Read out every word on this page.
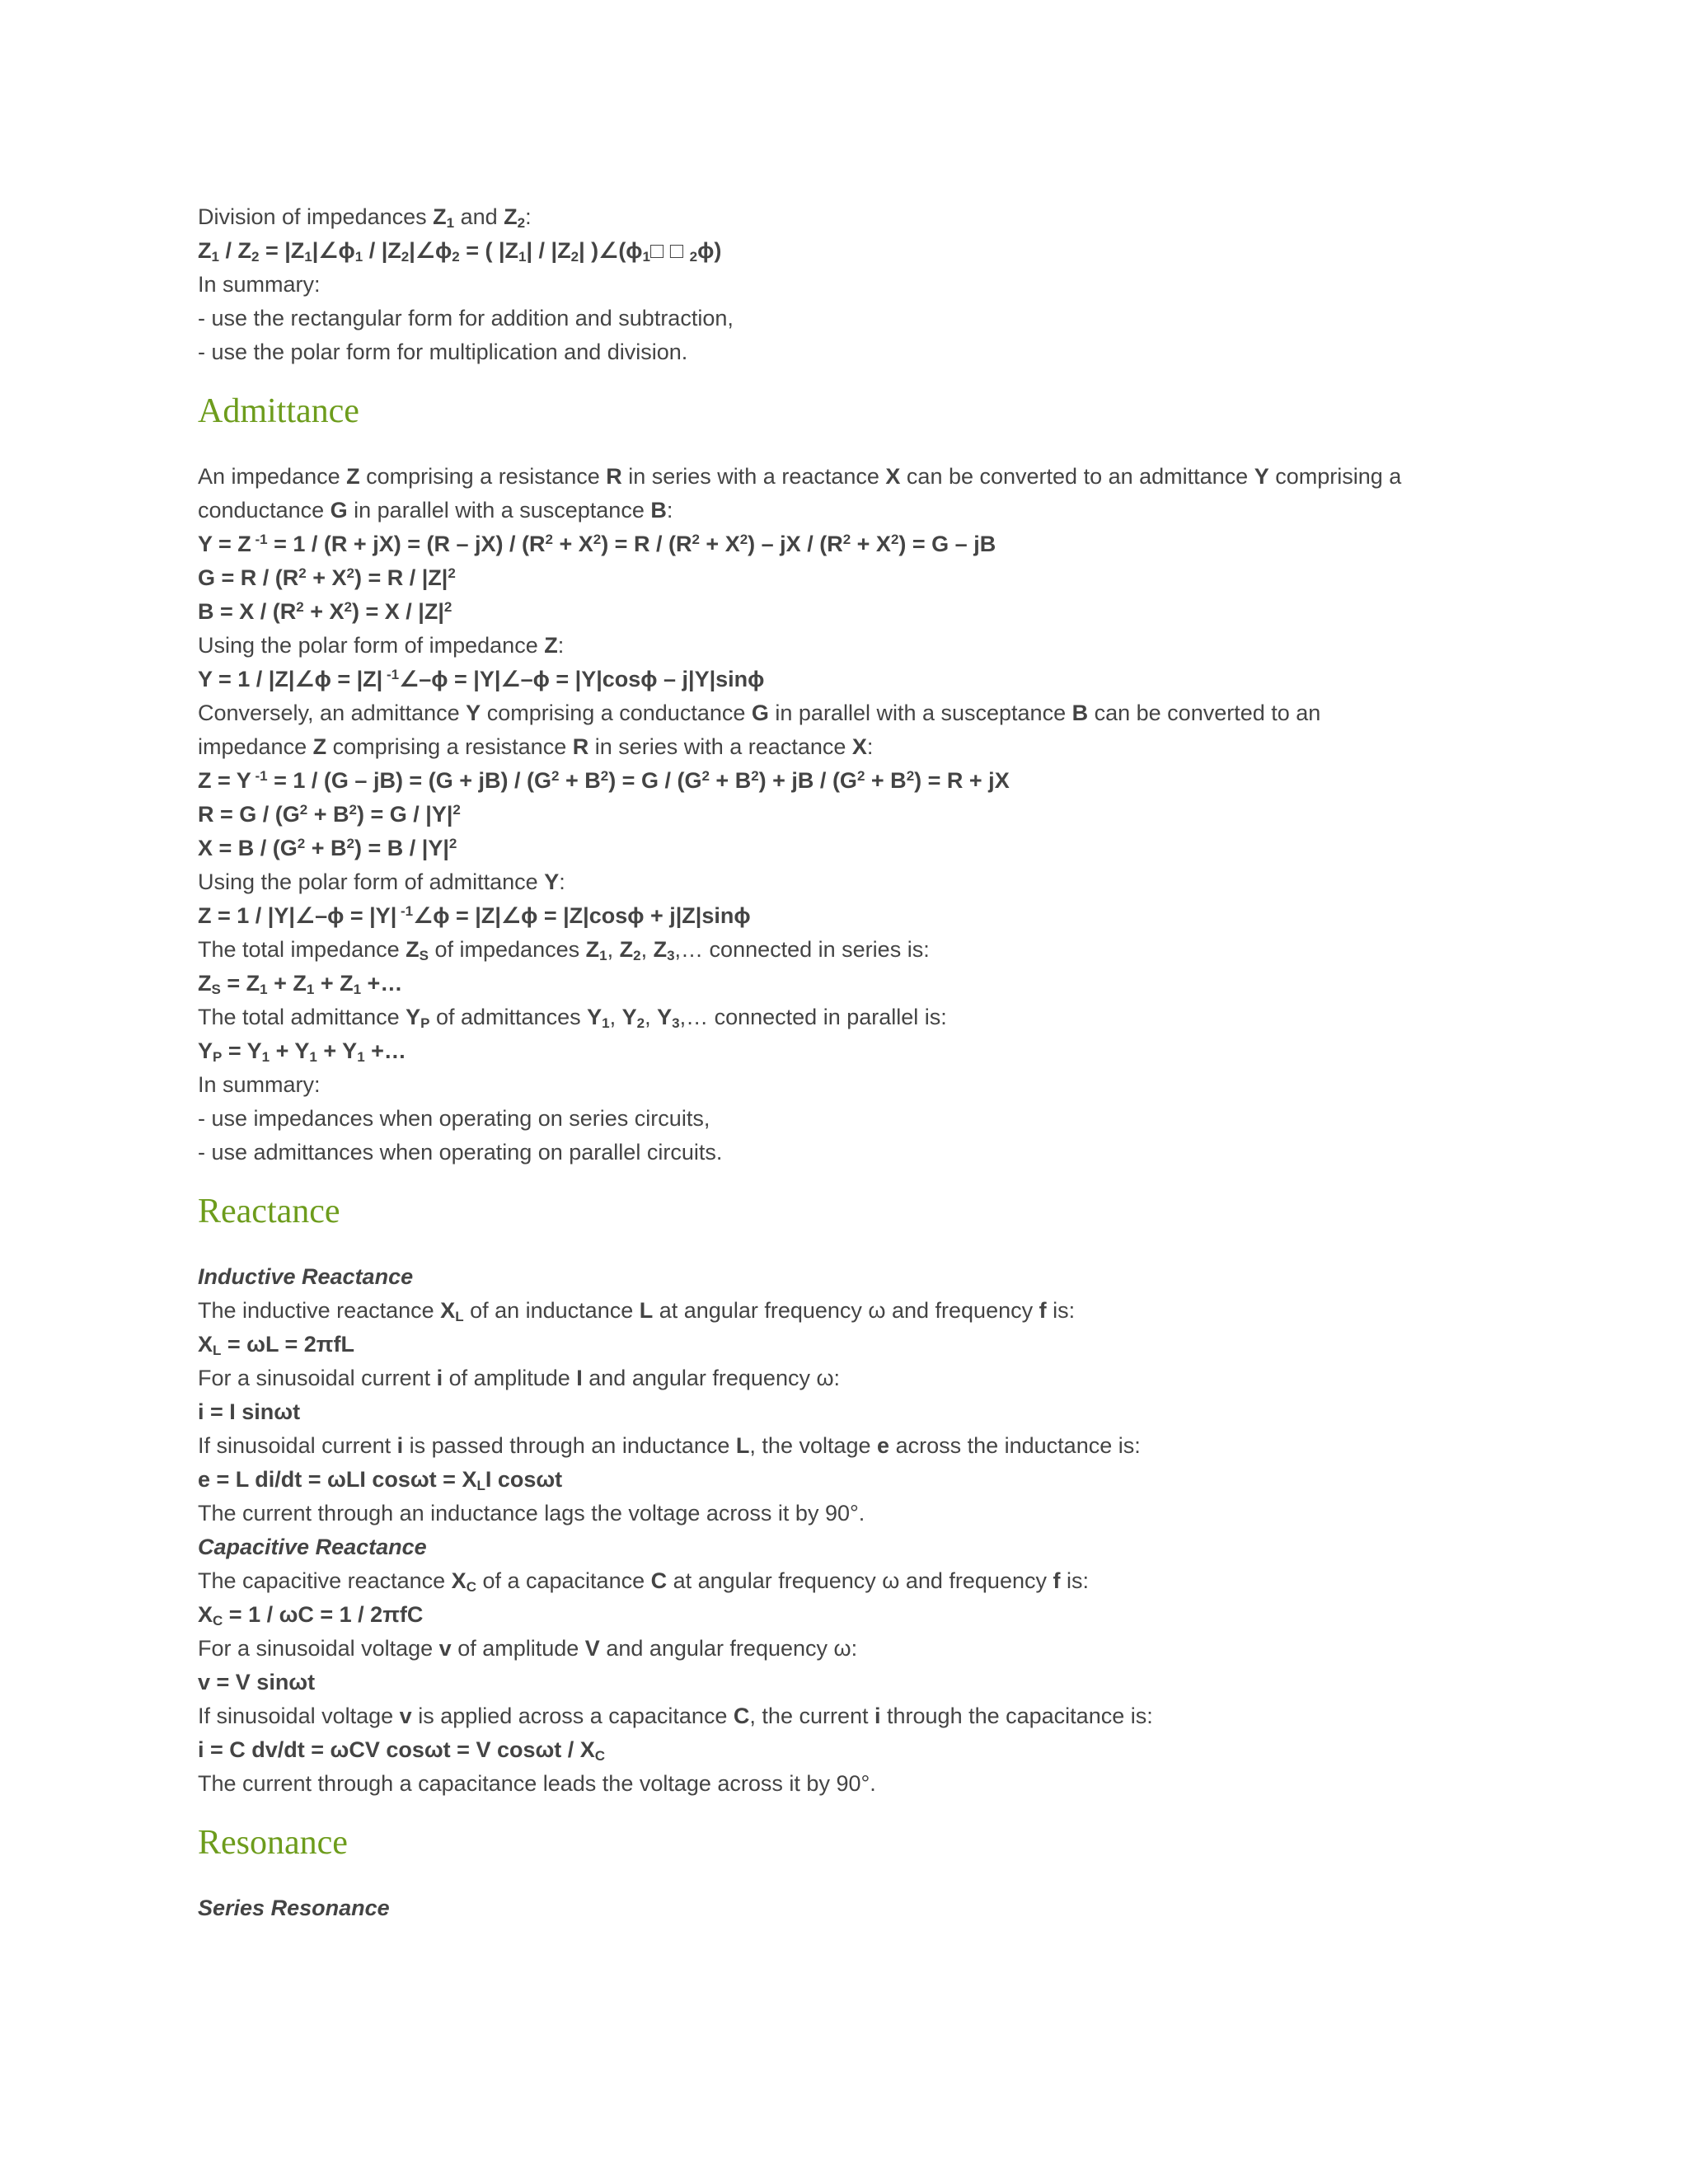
Division of impedances $Z_1$ and $Z_2$:
$Z_1 / Z_2$ = $|Z_1|\angle\phi_1$ / $|Z_2|\angle\phi_2$ = ( $|Z_1| / |Z_2|$ )$\angle(\phi_1□$ □ $_2$ϕ)
In summary:
- use the rectangular form for addition and subtraction,
- use the polar form for multiplication and division.
Admittance
An impedance Z comprising a resistance R in series with a reactance X can be converted to an admittance Y comprising a
conductance G in parallel with a susceptance B:
Y = Z $^{-1} = 1 / (R + jX) = (R - jX) / (R^2 + X^2) = R / (R^2 + X^2)$ – jX / $(R^2 + X^2) = G$ – jB
$G = R / (R^2 + X^2) = R / |Z|^2$
$B = X / (R^2 + X^2) = X / |Z|^2$
Using the polar form of impedance Z:
Y = 1 / |Z|∠ϕ = |Z| $^{-1}$∠–ϕ = |Y|∠–ϕ = |Y|cosϕ – j|Y|sinϕ
Conversely, an admittance Y comprising a conductance G in parallel with a susceptance B can be converted to an
impedance Z comprising a resistance R in series with a reactance X:
Z = Y $^{-1} = 1 / (G - jB) = (G + jB) / (G^2 + B^2) = G / (G^2 + B^2)$ + jB / $(G^2 + B^2) = R$ + jX
$R = G / (G^2 + B^2) = G / |Y|^2$
$X = B / (G^2 + B^2) = B / |Y|^2$
Using the polar form of admittance Y:
Z = 1 / |Y|∠–ϕ = |Y| $^{-1}$∠ϕ = |Z|∠ϕ = |Z|cosϕ + j|Z|sinϕ
The total impedance $Z_S$ of impedances $Z_1$, $Z_2$, $Z_3,\dots$ connected in series is:
$Z_S = Z_1 + Z_1 + Z_1$ +…
The total admittance $Y_P$ of admittances $Y_1$, $Y_2$, $Y_3,\dots$ connected in parallel is:
$Y_P = Y_1 + Y_1 + Y_1$ +…
In summary:
- use impedances when operating on series circuits,
- use admittances when operating on parallel circuits.
Reactance
Inductive Reactance
The inductive reactance $X_L$ of an inductance L at angular frequency ω and frequency f is:
$X_L = \omega L = 2\pi fL$
For a sinusoidal current i of amplitude I and angular frequency ω:
i = I sinωt
If sinusoidal current i is passed through an inductance L, the voltage e across the inductance is:
e = L di/dt = ωLI $\cos\omega t = X_LI$ cosωt
The current through an inductance lags the voltage across it by 90°.
Capacitive Reactance
The capacitive reactance $X_C$ of a capacitance C at angular frequency ω and frequency f is:
$X_C = 1 / \omega C = 1 / 2\pi fC$
For a sinusoidal voltage v of amplitude V and angular frequency ω:
v = V sinωt
If sinusoidal voltage v is applied across a capacitance C, the current i through the capacitance is:
i = C dv/dt = ωCV cosωt = V cosωt / $X_C$
The current through a capacitance leads the voltage across it by 90°.
Resonance
Series Resonance
